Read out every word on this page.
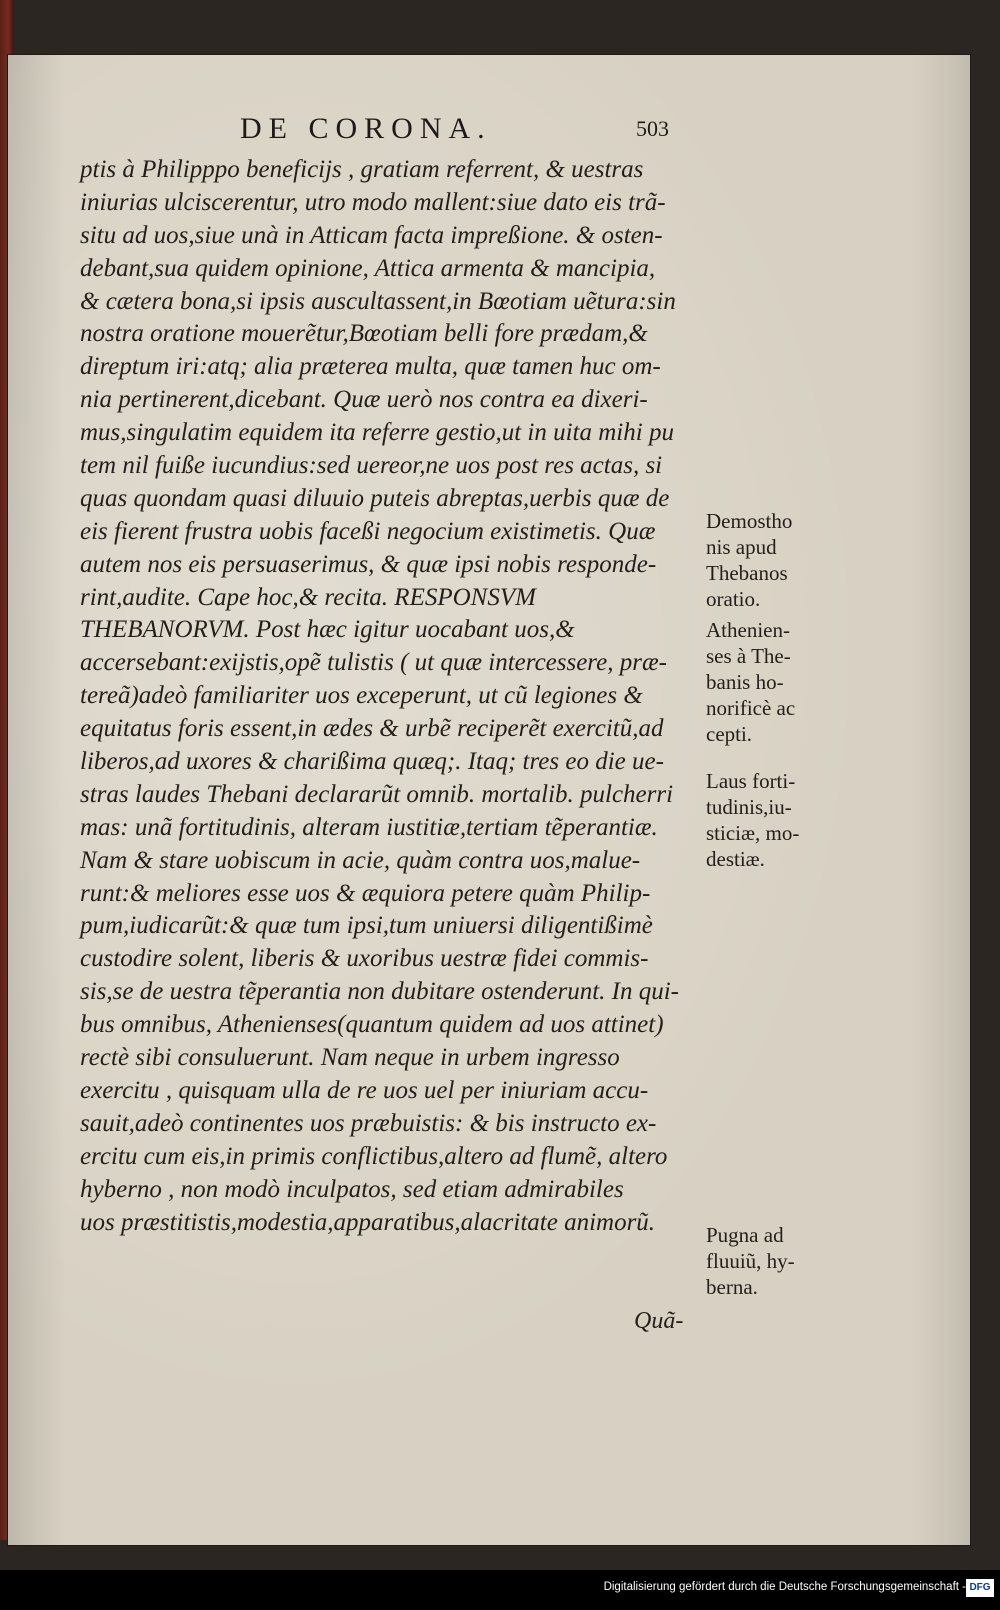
DE CORONA.	503
ptis à Philipppo beneficijs , gratiam referrent, & uestras
iniurias ulciscerentur, utro modo mallent:siue dato eis trã-
situ ad uos,siue unà in Atticam facta impreßione. & osten-
debant,sua quidem opinione, Attica armenta & mancipia,
& cætera bona,si ipsis auscultassent,in Bœotiam uẽtura:sin
nostra oratione mouerẽtur,Bœotiam belli fore prædam,&
direptum iri:atq; alia præterea multa, quæ tamen huc om-
nia pertinerent,dicebant. Quæ uerò nos contra ea dixeri-
mus,singulatim equidem ita referre gestio,ut in uita mihi pu
tem nil fuiße iucundius:sed uereor,ne uos post res actas, si
quas quondam quasi diluuio puteis abreptas,uerbis quæ de
eis fierent frustra uobis faceßi negocium existimetis. Quæ
autem nos eis persuaserimus, & quæ ipsi nobis responde-
rint,audite. Cape hoc,& recita. RESPONSVM
THEBANORVM. Post hæc igitur uocabant uos,&
accersebant:exijstis,opẽ tulistis ( ut quæ intercessere, præ-
tereã)adeò familiariter uos exceperunt, ut cũ legiones &
equitatus foris essent,in ædes & urbẽ reciperẽt exercitũ,ad
liberos,ad uxores & charißima quæq;. Itaq; tres eo die ue-
stras laudes Thebani declararũt omnib. mortalib. pulcherri
mas: unã fortitudinis, alteram iustitiæ,tertiam tẽperantiæ.
Nam & stare uobiscum in acie, quàm contra uos,malue-
runt:& meliores esse uos & æquiora petere quàm Philip-
pum,iudicarũt:& quæ tum ipsi,tum uniuersi diligentißimè
custodire solent, liberis & uxoribus uestræ fidei commis-
sis,se de uestra tẽperantia non dubitare ostenderunt. In qui-
bus omnibus, Athenienses(quantum quidem ad uos attinet)
rectè sibi consuluerunt. Nam neque in urbem ingresso
exercitu , quisquam ulla de re uos uel per iniuriam accu-
sauit,adeò continentes uos præbuistis: & bis instructo ex-
ercitu cum eis,in primis conflictibus,altero ad flumẽ, altero
hyberno , non modò inculpatos, sed etiam admirabiles
uos præstitistis,modestia,apparatibus,alacritate animorũ.
Demostho
nis apud
Thebanos
oratio.
Athenien-
ses à The-
banis ho-
norificè ac
cepti.
Laus forti-
tudinis,iu-
sticiæ, mo-
destiæ.
Pugna ad
fluuiũ, hy-
berna.
Quã-
Digitalisierung gefördert durch die Deutsche Forschungsgemeinschaft - DFG
